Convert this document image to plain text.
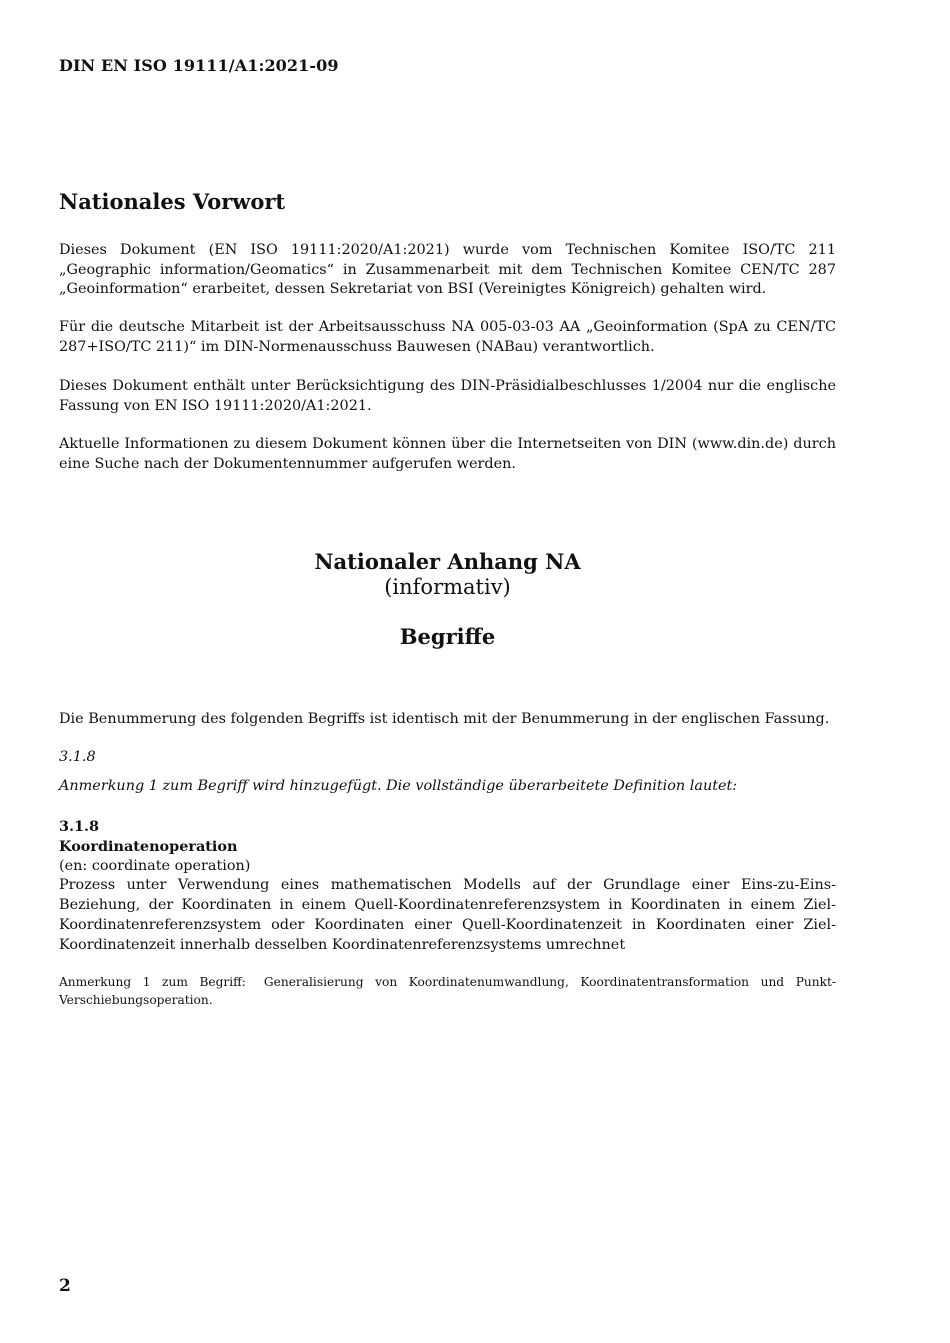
DIN EN ISO 19111/A1:2021-09
Nationales Vorwort

Dieses Dokument (EN ISO 19111:2020/A1:2021) wurde vom Technischen Komitee ISO/TC 211 „Geographic information/Geomatics“ in Zusammenarbeit mit dem Technischen Komitee CEN/TC 287 „Geoinformation“ erarbeitet, dessen Sekretariat von BSI (Vereinigtes Königreich) gehalten wird.

Für die deutsche Mitarbeit ist der Arbeitsausschuss NA 005-03-03 AA „Geoinformation (SpA zu CEN/TC 287+ISO/TC 211)“ im DIN-Normenausschuss Bauwesen (NABau) verantwortlich.

Dieses Dokument enthält unter Berücksichtigung des DIN-Präsidialbeschlusses 1/2004 nur die englische Fassung von EN ISO 19111:2020/A1:2021.

Aktuelle Informationen zu diesem Dokument können über die Internetseiten von DIN (www.din.de) durch eine Suche nach der Dokumentennummer aufgerufen werden.

Nationaler Anhang NA
(informativ)
Begriffe

Die Benummerung des folgenden Begriffs ist identisch mit der Benummerung in der englischen Fassung.

3.1.8
Anmerkung 1 zum Begriff wird hinzugefügt. Die vollständige überarbeitete Definition lautet:
3.1.8
Koordinatenoperation
(en: coordinate operation)
Prozess unter Verwendung eines mathematischen Modells auf der Grundlage einer Eins-zu-Eins-Beziehung, der Koordinaten in einem Quell-Koordinatenreferenzsystem in Koordinaten in einem Ziel-Koordinatenreferenzsystem oder Koordinaten einer Quell-Koordinatenzeit in Koordinaten einer Ziel-Koordinatenzeit innerhalb desselben Koordinatenreferenzsystems umrechnet
Anmerkung 1 zum Begriff: Generalisierung von Koordinatenumwandlung, Koordinatentransformation und Punkt-Verschiebungsoperation.
2
